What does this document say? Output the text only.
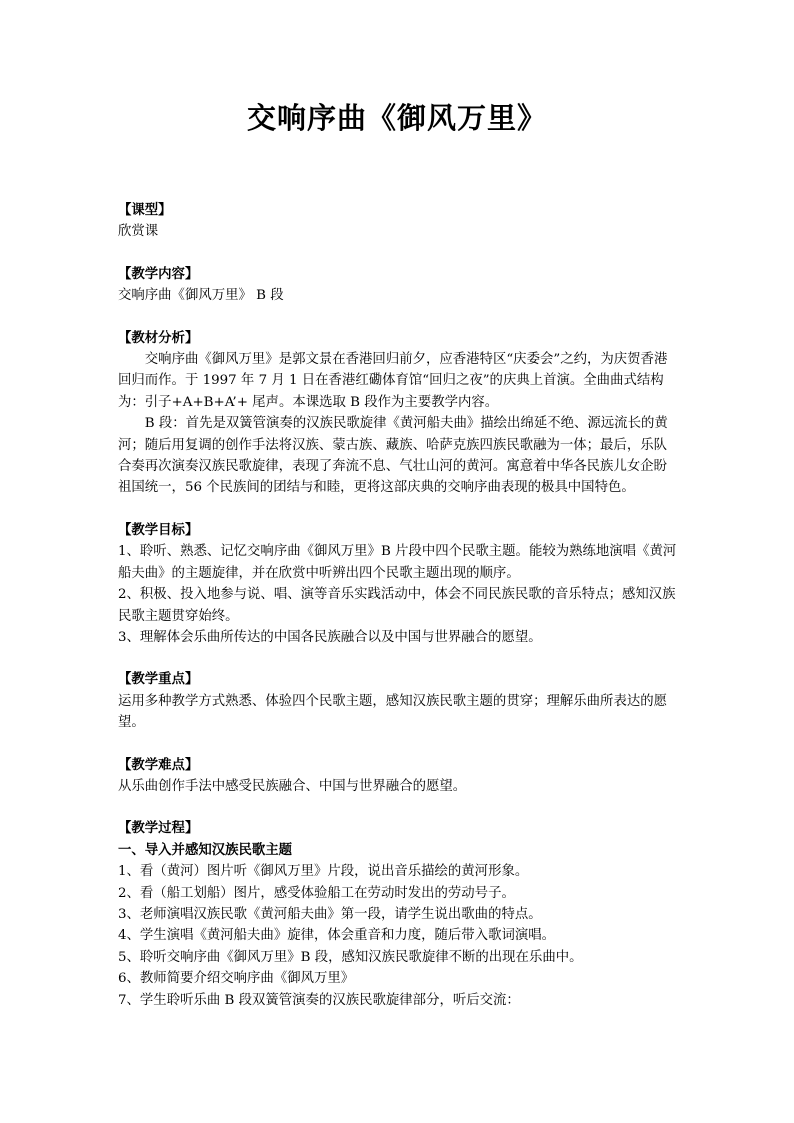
交响序曲《御风万里》

【课型】

欣赏课

【教学内容】

交响序曲《御风万里》 B 段

【教材分析】

交响序曲《御风万里》是郭文景在香港回归前夕，应香港特区“庆委会”之约，为庆贺香港回归而作。于 1997 年 7 月 1 日在香港红磡体育馆“回归之夜”的庆典上首演。全曲曲式结构为：引子+A+B+A’+ 尾声。本课选取 B 段作为主要教学内容。

B 段：首先是双簧管演奏的汉族民歌旋律《黄河船夫曲》描绘出绵延不绝、源远流长的黄河；随后用复调的创作手法将汉族、蒙古族、藏族、哈萨克族四族民歌融为一体；最后，乐队合奏再次演奏汉族民歌旋律，表现了奔流不息、气壮山河的黄河。寓意着中华各民族儿女企盼祖国统一，56 个民族间的团结与和睦，更将这部庆典的交响序曲表现的极具中国特色。

【教学目标】

1、聆听、熟悉、记忆交响序曲《御风万里》B 片段中四个民歌主题。能较为熟练地演唱《黄河船夫曲》的主题旋律，并在欣赏中听辨出四个民歌主题出现的顺序。

2、积极、投入地参与说、唱、演等音乐实践活动中，体会不同民族民歌的音乐特点；感知汉族民歌主题贯穿始终。

3、理解体会乐曲所传达的中国各民族融合以及中国与世界融合的愿望。

【教学重点】

运用多种教学方式熟悉、体验四个民歌主题，感知汉族民歌主题的贯穿；理解乐曲所表达的愿望。

【教学难点】

从乐曲创作手法中感受民族融合、中国与世界融合的愿望。

【教学过程】

一、导入并感知汉族民歌主题

1、看（黄河）图片听《御风万里》片段，说出音乐描绘的黄河形象。

2、看（船工划船）图片，感受体验船工在劳动时发出的劳动号子。

3、老师演唱汉族民歌《黄河船夫曲》第一段，请学生说出歌曲的特点。

4、学生演唱《黄河船夫曲》旋律，体会重音和力度，随后带入歌词演唱。

5、聆听交响序曲《御风万里》B 段，感知汉族民歌旋律不断的出现在乐曲中。

6、教师简要介绍交响序曲《御风万里》

7、学生聆听乐曲 B 段双簧管演奏的汉族民歌旋律部分，听后交流：
